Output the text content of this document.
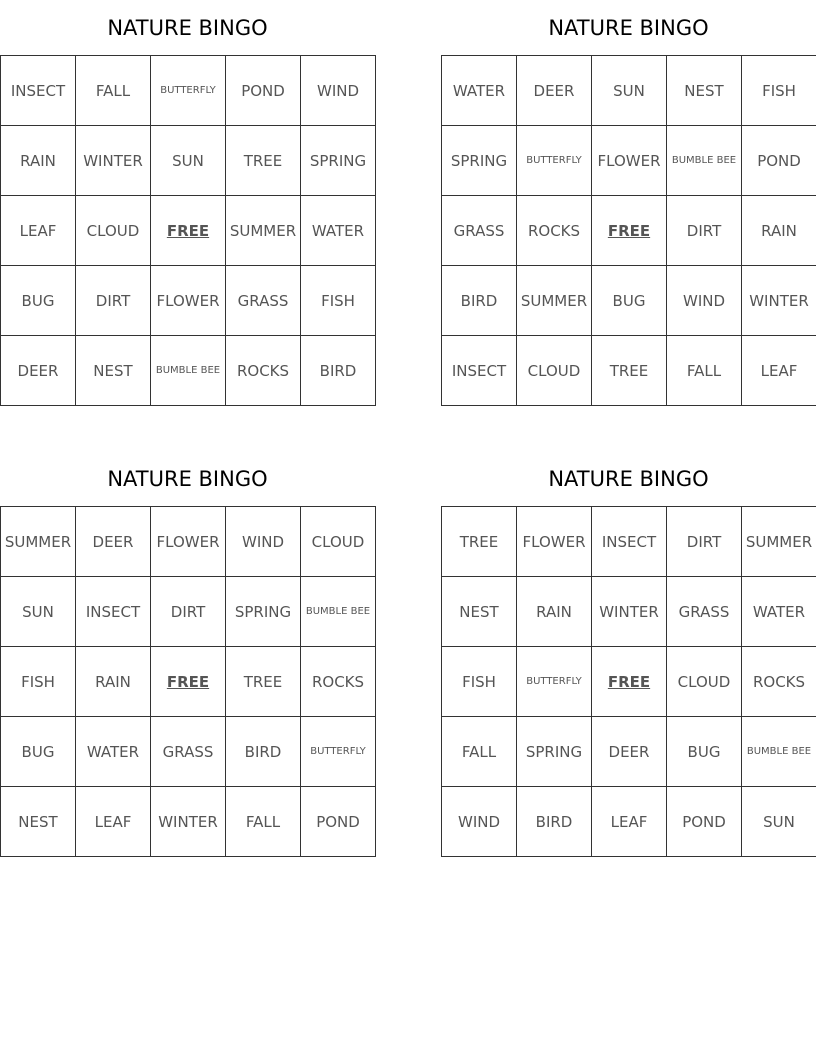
NATURE BINGO
INSECT	FALL	BUTTERFLY	POND	WIND
RAIN	WINTER	SUN	TREE	SPRING
LEAF	CLOUD	FREE	SUMMER	WATER
BUG	DIRT	FLOWER	GRASS	FISH
DEER	NEST	BUMBLE BEE	ROCKS	BIRD
NATURE BINGO
WATER	DEER	SUN	NEST	FISH
SPRING	BUTTERFLY	FLOWER	BUMBLE BEE	POND
GRASS	ROCKS	FREE	DIRT	RAIN
BIRD	SUMMER	BUG	WIND	WINTER
INSECT	CLOUD	TREE	FALL	LEAF
NATURE BINGO
SUMMER	DEER	FLOWER	WIND	CLOUD
SUN	INSECT	DIRT	SPRING	BUMBLE BEE
FISH	RAIN	FREE	TREE	ROCKS
BUG	WATER	GRASS	BIRD	BUTTERFLY
NEST	LEAF	WINTER	FALL	POND
NATURE BINGO
TREE	FLOWER	INSECT	DIRT	SUMMER
NEST	RAIN	WINTER	GRASS	WATER
FISH	BUTTERFLY	FREE	CLOUD	ROCKS
FALL	SPRING	DEER	BUG	BUMBLE BEE
WIND	BIRD	LEAF	POND	SUN
